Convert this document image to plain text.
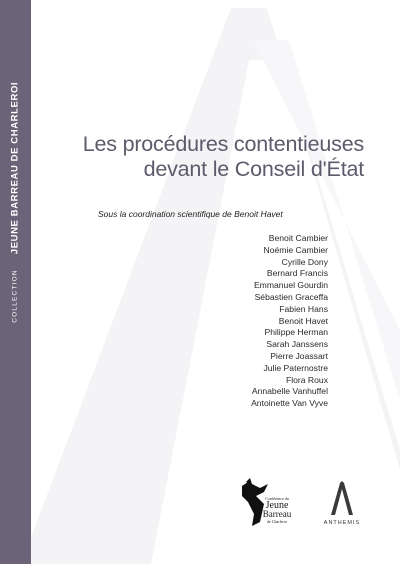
COLLECTION
JEUNE BARREAU DE CHARLEROI	Les procédures contentieuses
devant le Conseil d'État
Sous la coordination scientifique de Benoit Havet
Benoit Cambier
Noémie Cambier
Cyrille Dony
Bernard Francis
Emmanuel Gourdin
Sébastien Graceffa
Fabien Hans
Benoit Havet
Philippe Herman
Sarah Janssens
Pierre Joassart
Julie Paternostre
Flora Roux
Annabelle Vanhuffel
Antoinette Van Vyve
Conférence du
Jeune
Barreau
de Charleroi	ANTHEMIS
